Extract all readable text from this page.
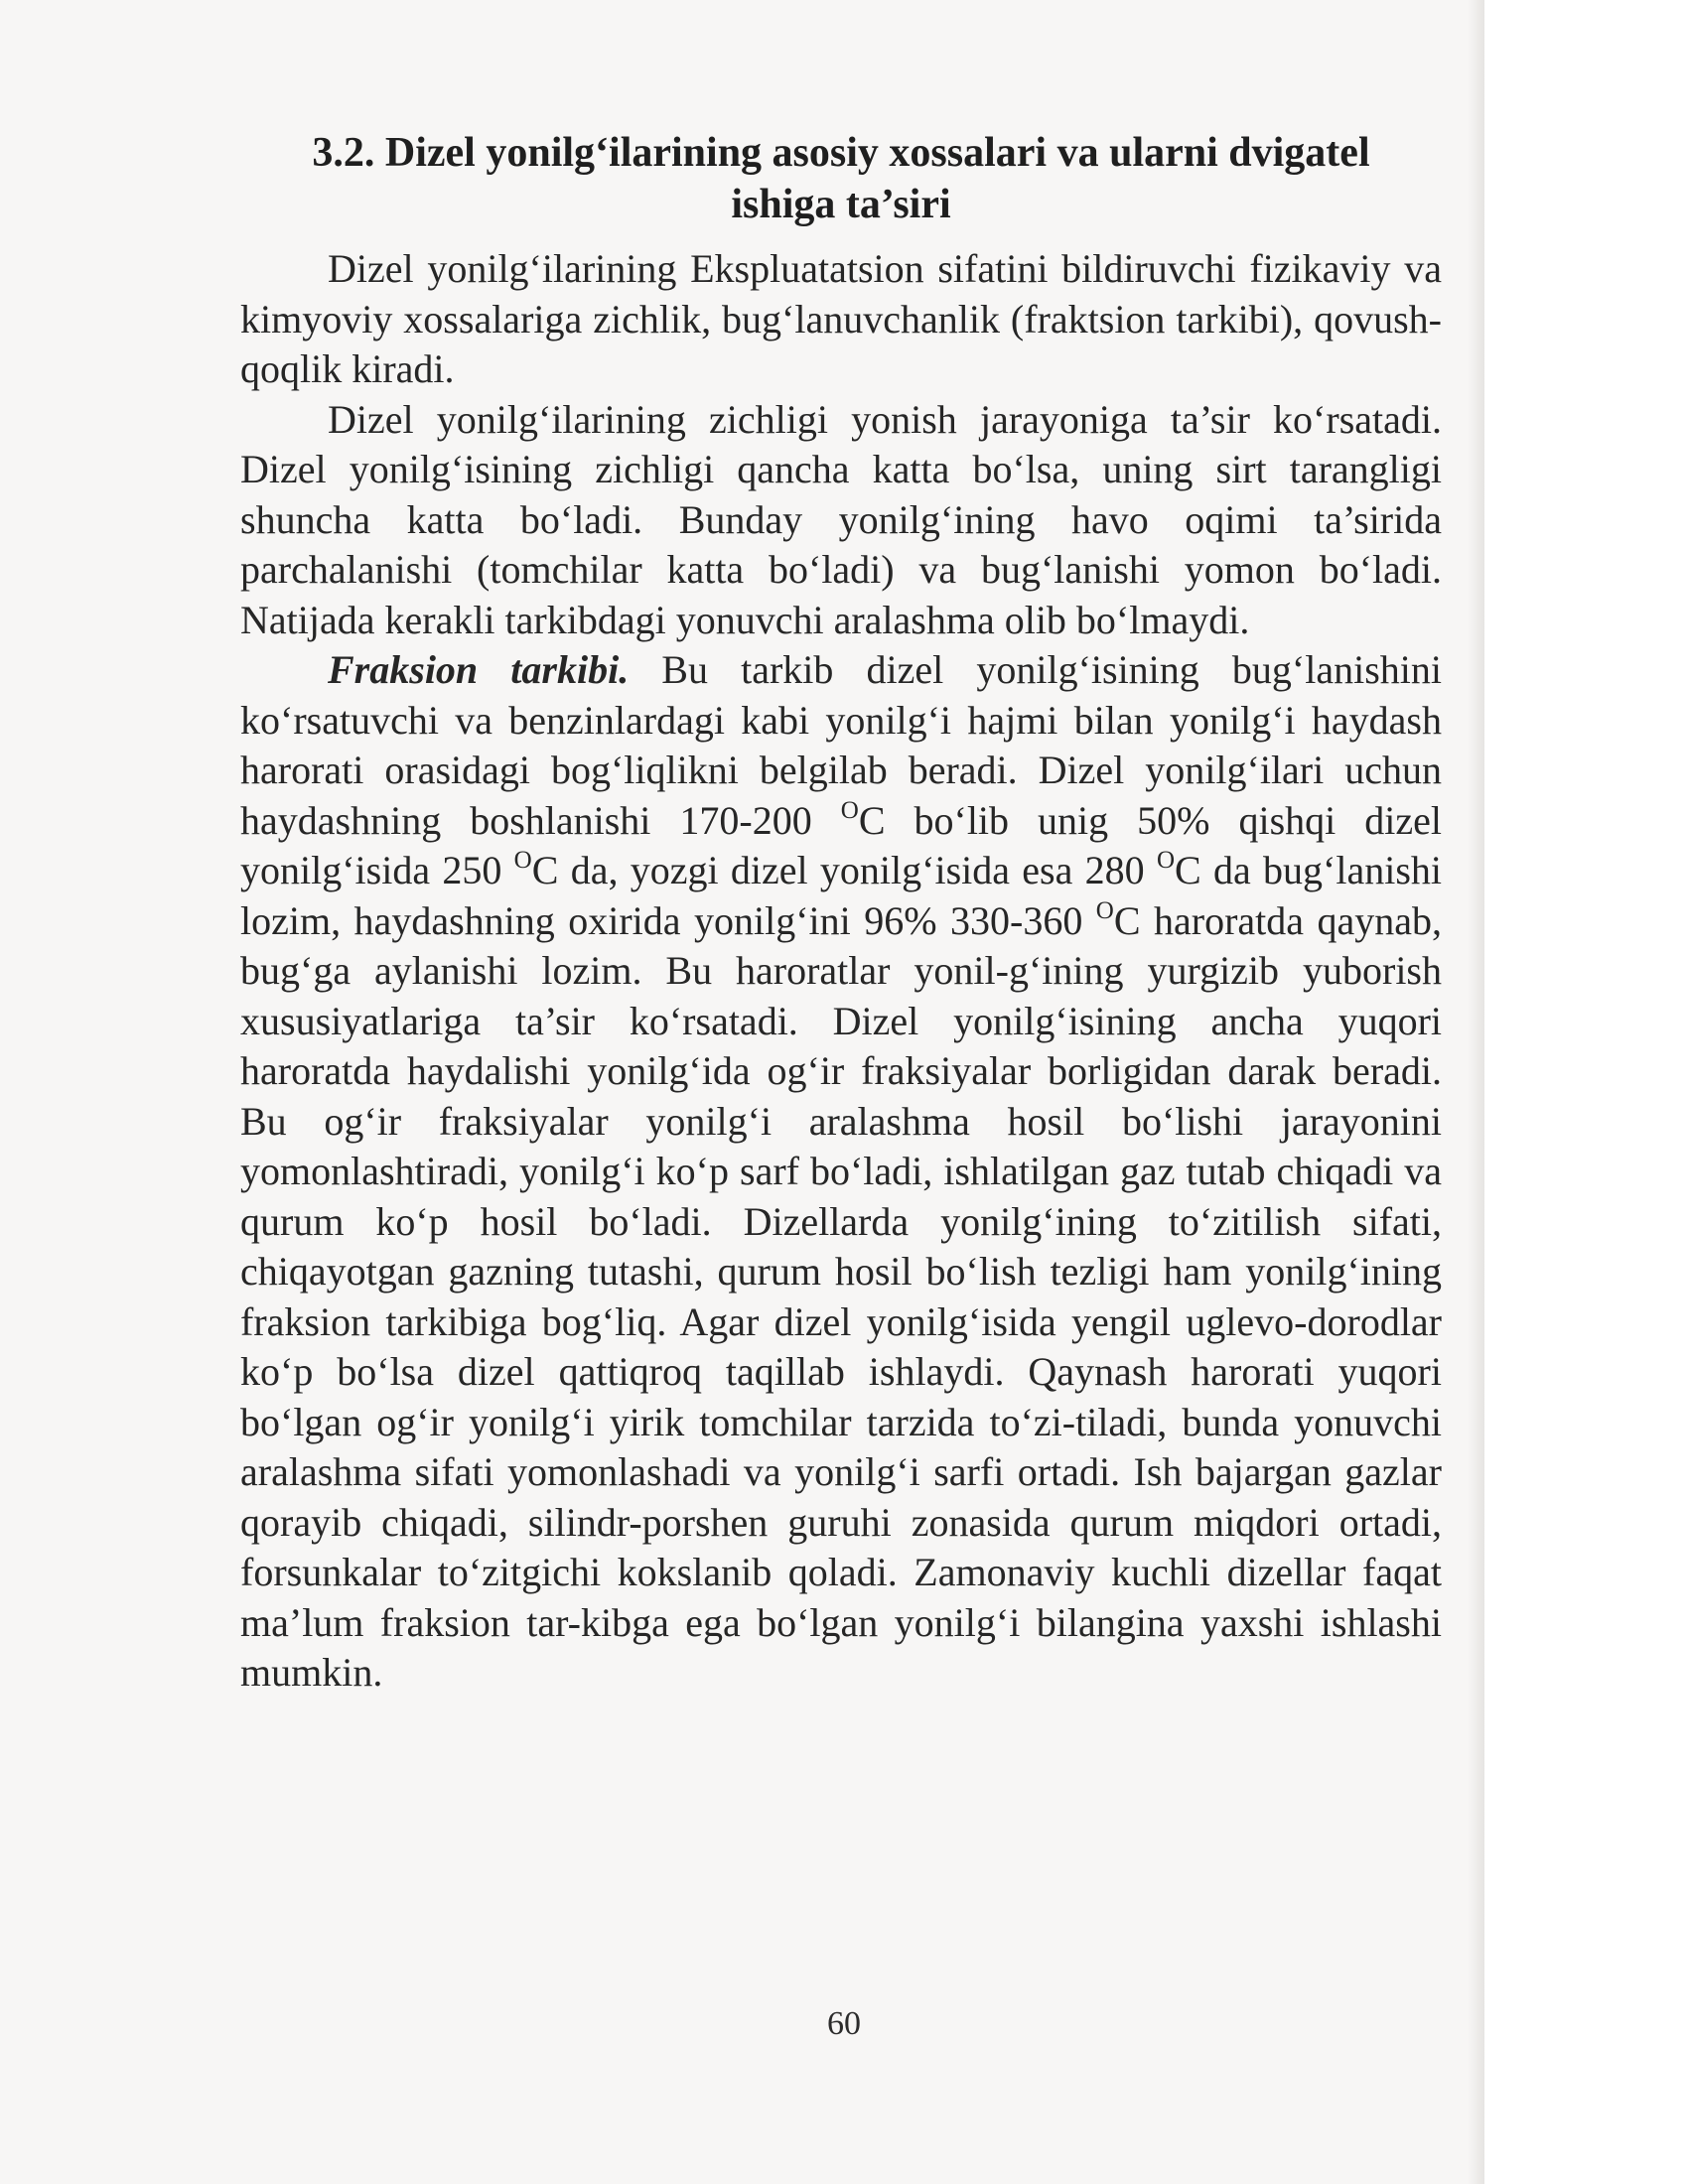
3.2. Dizel yonilg‘ilarining asosiy xossalari va ularni dvigatel
ishiga ta’siri

Dizel yonilg‘ilarining Ekspluatatsion sifatini bildiruvchi fizikaviy va kimyoviy xossalariga zichlik, bug‘lanuvchanlik (fraktsion tarkibi), qovush-qoqlik kiradi.

Dizel yonilg‘ilarining zichligi yonish jarayoniga ta’sir ko‘rsatadi. Dizel yonilg‘isining zichligi qancha katta bo‘lsa, uning sirt tarangligi shuncha katta bo‘ladi. Bunday yonilg‘ining havo oqimi ta’sirida parchalanishi (tomchilar katta bo‘ladi) va bug‘lanishi yomon bo‘ladi. Natijada kerakli tarkibdagi yonuvchi aralashma olib bo‘lmaydi.

Fraksion tarkibi. Bu tarkib dizel yonilg‘isining bug‘lanishini ko‘rsatuvchi va benzinlardagi kabi yonilg‘i hajmi bilan yonilg‘i haydash harorati orasidagi bog‘liqlikni belgilab beradi. Dizel yonilg‘ilari uchun haydashning boshlanishi 170-200 $^O$C bo‘lib unig 50% qishqi dizel yonilg‘isida 250 $^O$C da, yozgi dizel yonilg‘isida esa 280 $^O$C da bug‘lanishi lozim, haydashning oxirida yonilg‘ini 96% 330-360 $^O$C haroratda qaynab, bug‘ga aylanishi lozim. Bu haroratlar yonil-g‘ining yurgizib yuborish xususiyatlariga ta’sir ko‘rsatadi. Dizel yonilg‘isining ancha yuqori haroratda haydalishi yonilg‘ida og‘ir fraksiyalar borligidan darak beradi. Bu og‘ir fraksiyalar yonilg‘i aralashma hosil bo‘lishi jarayonini yomonlashtiradi, yonilg‘i ko‘p sarf bo‘ladi, ishlatilgan gaz tutab chiqadi va qurum ko‘p hosil bo‘ladi. Dizellarda yonilg‘ining to‘zitilish sifati, chiqayotgan gazning tutashi, qurum hosil bo‘lish tezligi ham yonilg‘ining fraksion tarkibiga bog‘liq. Agar dizel yonilg‘isida yengil uglevo-dorodlar ko‘p bo‘lsa dizel qattiqroq taqillab ishlaydi. Qaynash harorati yuqori bo‘lgan og‘ir yonilg‘i yirik tomchilar tarzida to‘zi-tiladi, bunda yonuvchi aralashma sifati yomonlashadi va yonilg‘i sarfi ortadi. Ish bajargan gazlar qorayib chiqadi, silindr-porshen guruhi zonasida qurum miqdori ortadi, forsunkalar to‘zitgichi kokslanib qoladi. Zamonaviy kuchli dizellar faqat ma’lum fraksion tar-kibga ega bo‘lgan yonilg‘i bilangina yaxshi ishlashi mumkin.

60
